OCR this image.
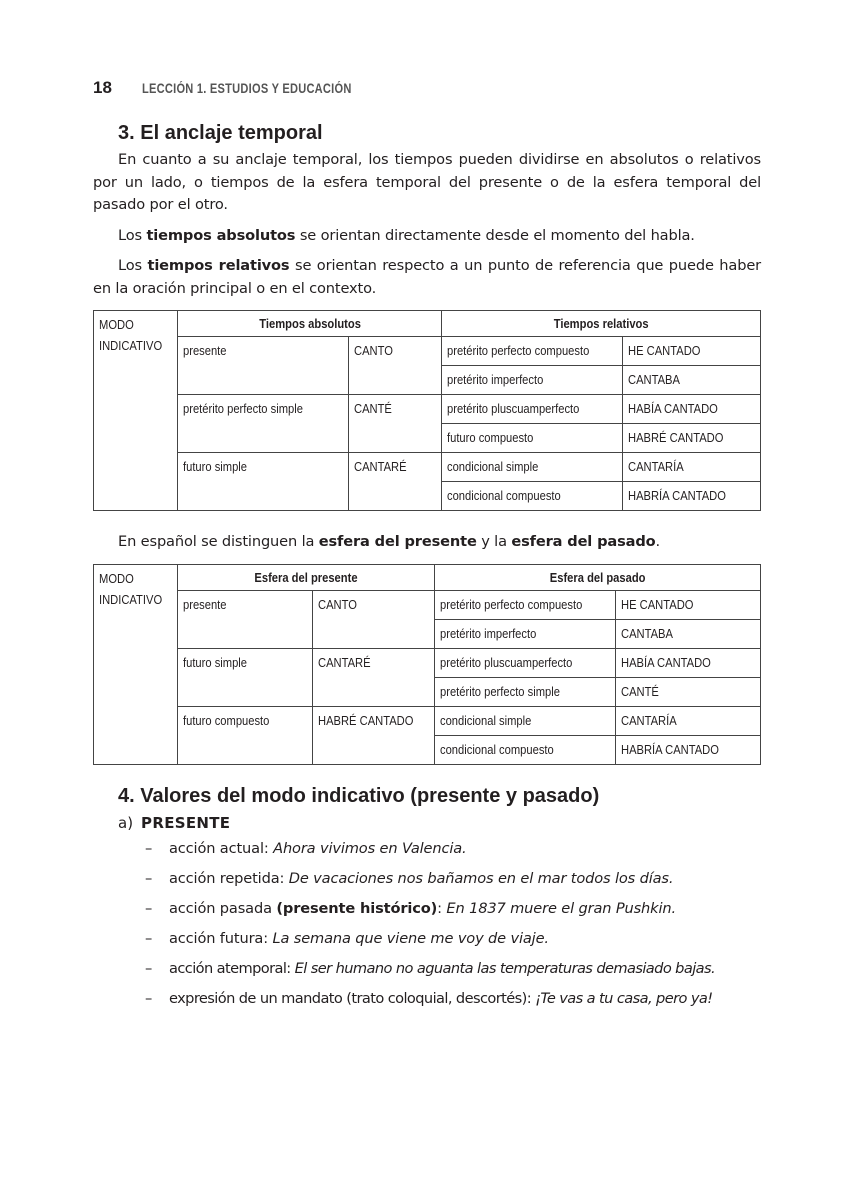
18 LECCIÓN 1. ESTUDIOS Y EDUCACIÓN
3. El anclaje temporal

En cuanto a su anclaje temporal, los tiempos pueden dividirse en absolutos o relativos por un lado, o tiempos de la esfera temporal del presente o de la esfera temporal del pasado por el otro.

Los tiempos absolutos se orientan directamente desde el momento del habla.

Los tiempos relativos se orientan respecto a un punto de referencia que puede haber en la oración principal o en el contexto.

MODO
INDICATIVO	Tiempos absolutos		Tiempos relativos	
	presente	CANTO	pretérito perfecto compuesto	HE CANTADO
			pretérito imperfecto	CANTABA
	pretérito perfecto simple	CANTÉ	pretérito pluscuamperfecto	HABÍA CANTADO
			futuro compuesto	HABRÉ CANTADO
	futuro simple	CANTARÉ	condicional simple	CANTARÍA
			condicional compuesto	HABRÍA CANTADO

En español se distinguen la esfera del presente y la esfera del pasado.

MODO
INDICATIVO	Esfera del presente		Esfera del pasado	
	presente	CANTO	pretérito perfecto compuesto	HE CANTADO
			pretérito imperfecto	CANTABA
	futuro simple	CANTARÉ	pretérito pluscuamperfecto	HABÍA CANTADO
			pretérito perfecto simple	CANTÉ
	futuro compuesto	HABRÉ CANTADO	condicional simple	CANTARÍA
			condicional compuesto	HABRÍA CANTADO
4. Valores del modo indicativo (presente y pasado)
a) PRESENTE
–	acción actual: Ahora vivimos en Valencia.
–	acción repetida: De vacaciones nos bañamos en el mar todos los días.
–	acción pasada (presente histórico): En 1837 muere el gran Pushkin.
–	acción futura: La semana que viene me voy de viaje.
–	acción atemporal: El ser humano no aguanta las temperaturas demasiado bajas.
–	expresión de un mandato (trato coloquial, descortés): ¡Te vas a tu casa, pero ya!
